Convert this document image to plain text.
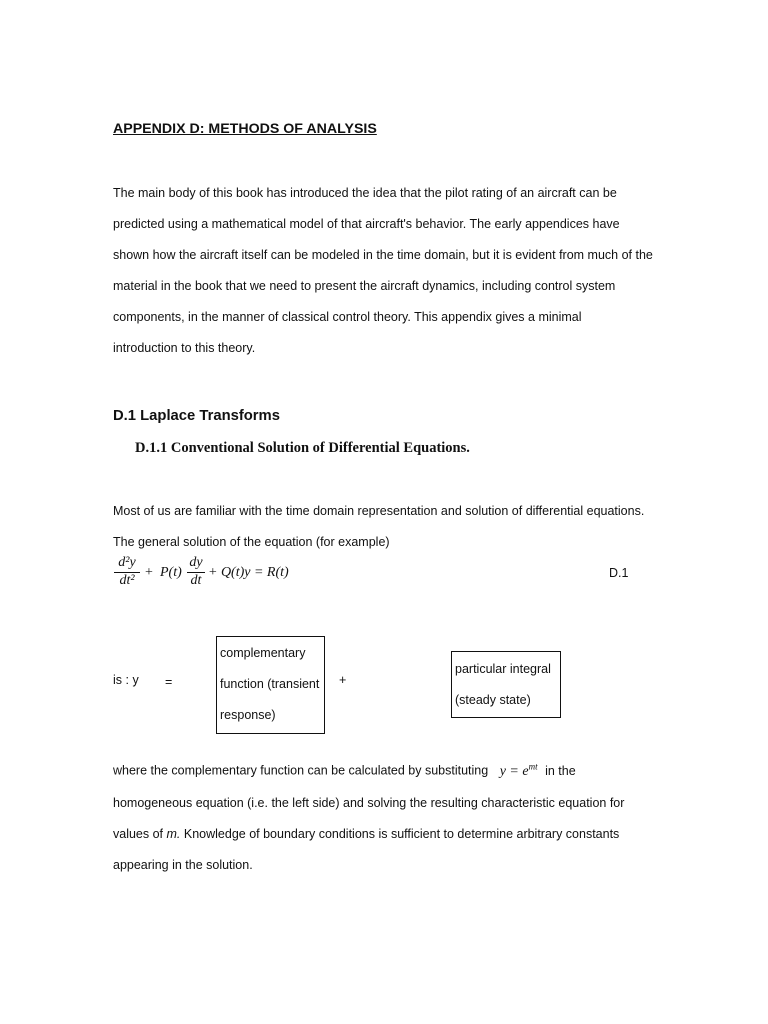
APPENDIX D: METHODS OF ANALYSIS
The main body of this book has introduced the idea that the pilot rating of an aircraft can be
predicted using a mathematical model of that aircraft's behavior. The early appendices have
shown how the aircraft itself can be modeled in the time domain, but it is evident from much of the
material in the book that we need to present the aircraft dynamics, including control system
components, in the manner of classical control theory. This appendix gives a minimal
introduction to this theory.
D.1 Laplace Transforms
D.1.1 Conventional Solution of Differential Equations.
Most of us are familiar with the time domain representation and solution of differential equations.
The general solution of the equation (for example)
$\frac{\text{d²y}}{\text{dt²}} + P(t) \frac{dy}{dt} + Q(t)y = R(t)$	D.1
is : y =
complementary
function (transient
response)
+
particular integral
(steady state)
where the complementary function can be calculated by substituting $y = e^{mt}$ in the
homogeneous equation (i.e. the left side) and solving the resulting characteristic equation for
values of m. Knowledge of boundary conditions is sufficient to determine arbitrary constants
appearing in the solution.
